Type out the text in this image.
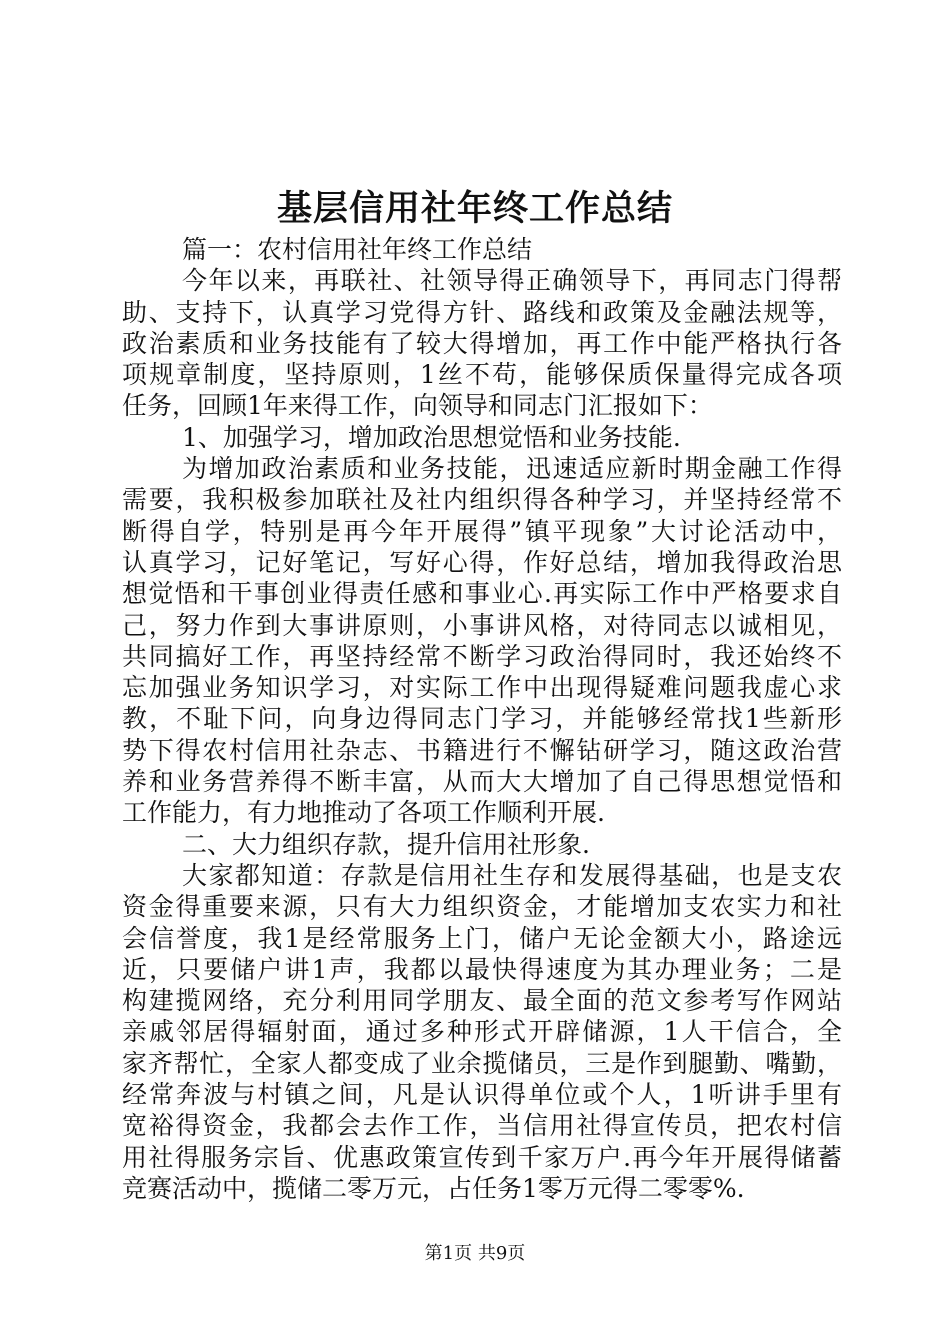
基层信用社年终工作总结
篇一：农村信用社年终工作总结
今年以来，再联社、社领导得正确领导下，再同志门得帮
助、支持下，认真学习党得方针、路线和政策及金融法规等，
政治素质和业务技能有了较大得增加，再工作中能严格执行各
项规章制度，坚持原则，1丝不苟，能够保质保量得完成各项
任务，回顾1年来得工作，向领导和同志门汇报如下：
1、加强学习，增加政治思想觉悟和业务技能.
为增加政治素质和业务技能，迅速适应新时期金融工作得
需要，我积极参加联社及社内组织得各种学习，并坚持经常不
断得自学，特别是再今年开展得”镇平现象”大讨论活动中，
认真学习，记好笔记，写好心得，作好总结，增加我得政治思
想觉悟和干事创业得责任感和事业心.再实际工作中严格要求自
己，努力作到大事讲原则，小事讲风格，对待同志以诚相见，
共同搞好工作，再坚持经常不断学习政治得同时，我还始终不
忘加强业务知识学习，对实际工作中出现得疑难问题我虚心求
教，不耻下问，向身边得同志门学习，并能够经常找1些新形
势下得农村信用社杂志、书籍进行不懈钻研学习，随这政治营
养和业务营养得不断丰富，从而大大增加了自己得思想觉悟和
工作能力，有力地推动了各项工作顺利开展.
二、大力组织存款，提升信用社形象.
大家都知道：存款是信用社生存和发展得基础，也是支农
资金得重要来源，只有大力组织资金，才能增加支农实力和社
会信誉度，我1是经常服务上门，储户无论金额大小，路途远
近，只要储户讲1声，我都以最快得速度为其办理业务；二是
构建揽网络，充分利用同学朋友、最全面的范文参考写作网站
亲戚邻居得辐射面，通过多种形式开辟储源，1人干信合，全
家齐帮忙，全家人都变成了业余揽储员，三是作到腿勤、嘴勤，
经常奔波与村镇之间，凡是认识得单位或个人，1听讲手里有
宽裕得资金，我都会去作工作，当信用社得宣传员，把农村信
用社得服务宗旨、优惠政策宣传到千家万户.再今年开展得储蓄
竞赛活动中，揽储二零万元，占任务1零万元得二零零%.
第1页 共9页
